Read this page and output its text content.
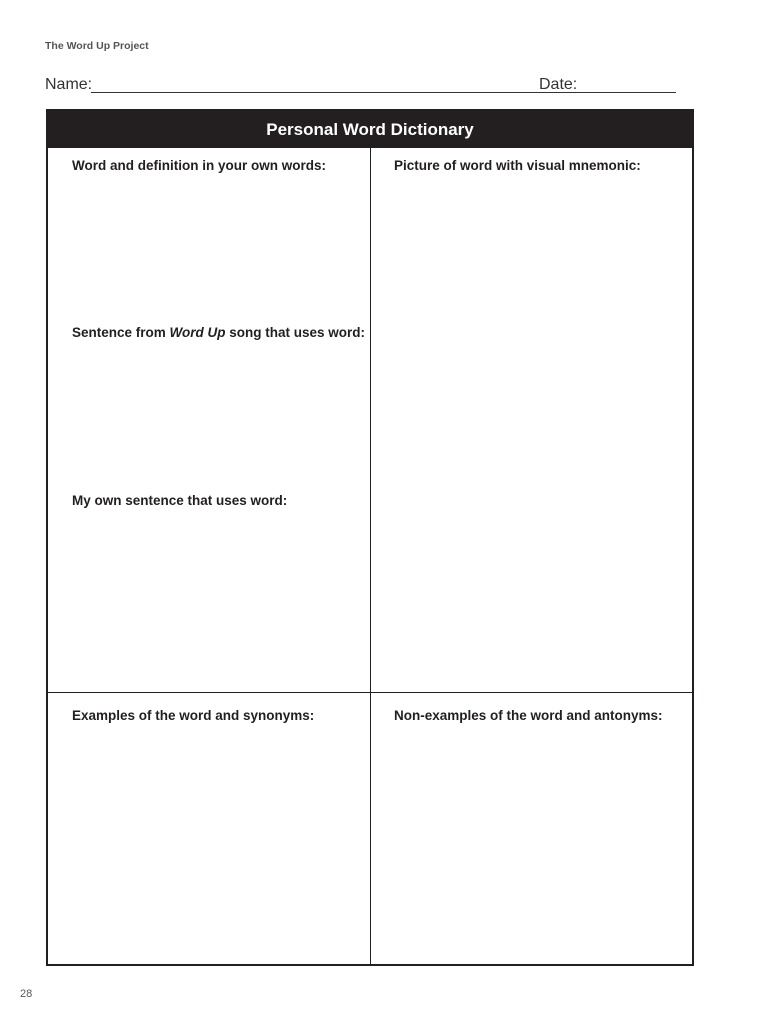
The Word Up Project
Name:	Date:
Personal Word Dictionary
Word and definition in your own words:	Picture of word with visual mnemonic:
Sentence from Word Up song that uses word:
My own sentence that uses word:
Examples of the word and synonyms:	Non-examples of the word and antonyms:
28
